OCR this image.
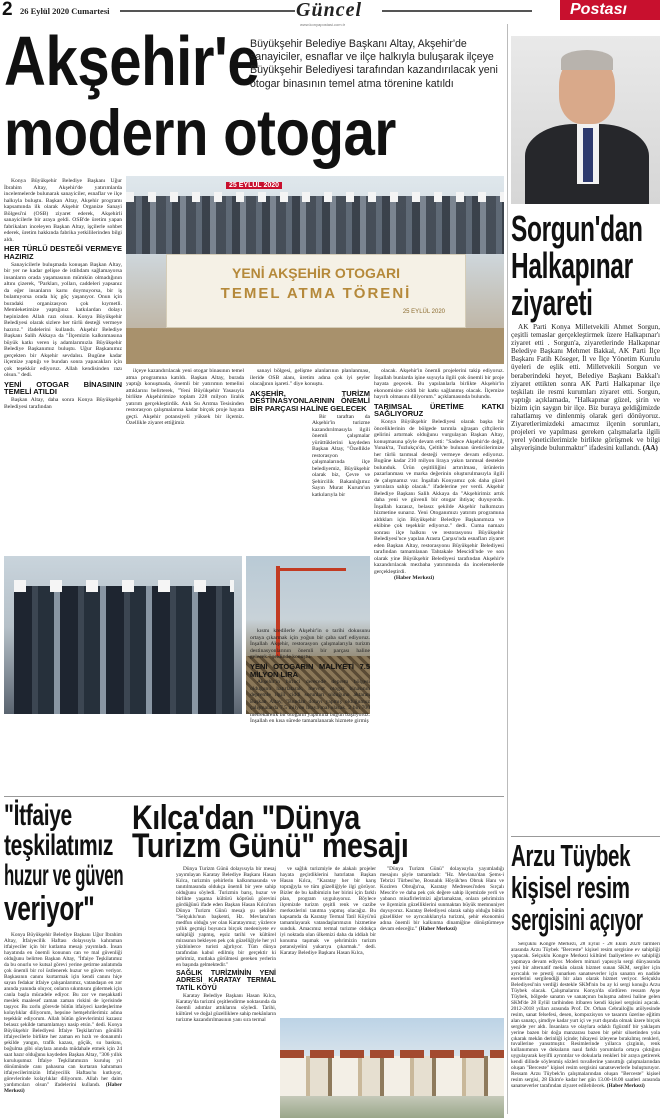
2 26 Eylül 2020 Cumartesi	Güncel	Postası
www.konyapostasi.com.tr
Akşehir'e
modern otogar
Büyükşehir Belediye Başkanı Altay, Akşehir'de sanayiciler, esnaflar ve ilçe halkıyla buluşarak ilçeye Büyükşehir Belediyesi tarafından kazandırılacak yeni otogar binasının temel atma törenine katıldı
YENİ AKŞEHİR OTOGARI
TEMEL ATMA TÖRENİ
25 EYLÜL 2020
25 EYLÜL 2020

Konya Büyükşehir Belediye Başkanı Uğur İbrahim Altay, Akşehir'de yatırımlarda incelemelerde bulunarak sanayiciler, esnaflar ve ilçe halkıyla buluştu. Başkan Altay, Akşehir programı kapsamında ilk olarak Akşehir Organize Sanayi Bölgesi'ni (OSB) ziyaret ederek, Akşehirli sanayicilerle bir araya geldi. OSB'de üretim yapan fabrikaları inceleyen Başkan Altay, işçilerle sohbet ederek, üretim hakkında fabrika yetkililerinden bilgi aldı.

HER TÜRLÜ DESTEĞİ VERMEYE HAZIRIZ

Sanayicilerle buluşmada konuşan Başkan Altay, bir yer ne kadar gelişse de istihdam sağlamayorsa insanların orada yaşamasının mümkün olmadığının altını çizerek, "Parkları, yolları, caddeleri yapsanız da eğer insanların karnı doymuyorsa, bir iş bulamıyorsa orada hiç göç yaşanıyor. Onun için buradaki organizasyon çok kıymetli. Memleketimize yaptığınız katkılardan dolayı hepinizden Allah razı olsun. Konya Büyükşehir Belediyesi olarak sizlere her türlü desteği vermeye hazırız." ifadelerini kullandı. Akşehir Belediye Başkanı Salih Akkaya da "İlçemizin kalkınmasına büyük katkı veren iş adamlarımızla Büyükşehir Belediye Başkanımız buluştu. Uğur Başkanımız gerçekten bir Akşehir sevdalısı. Bugüne kadar ilçemize yaptığı ve bundan sonra yapacakları için çok teşekkür ediyoruz. Allah kendisinden razı olsun." dedi.

YENİ OTOGAR BİNASININ TEMELİ ATILDI

Başkan Altay, daha sonra Konya Büyükşehir Belediyesi tarafından

ilçeye kazandırılacak yeni otogar binasının temel atma programına katıldı. Başkan Altay, burada yaptığı konuşmada, önemli bir yatırımın temelini attıklarını belirterek, "Yeni Büyükşehir Yasasıyla birlikte Akşehirimize toplam 228 milyon liralık yatırım gerçekleştirdik. Atık Su Arıtma Tesisinden restorasyon çalışmalarına kadar birçok proje hayata geçti. Akşehir potansiyeli yüksek bir ilçemiz. Özellikle ziyaret ettiğimiz

sanayi bölgesi, gelişme alanlarının planlanması, ileride OSB alanı, üretim adına çok iyi şeyler olacağının işareti." diye konuştu.

AKŞEHİR, TURİZM DESTİNASYONLARININ ÖNEMLİ BİR PARÇASI HALİNE GELECEK

Bir taraftan da Akşehir'in turizme kazandırılmasıyla ilgili önemli çalışmalar yürüttüklerini kaydeden Başkan Altay, "Özellikle restorasyon çalışmalarında ilçe belediyemiz, Büyükşehir olarak biz, Çevre ve Şehircilik Bakanlığımız Sayın Murat Kurum'un katkılarıyla bir

kısmı kredilerle Akşehir'in o tarihi dokusunu ortaya çıkarmak için yoğun bir çaba sarf ediyoruz. İnşallah Akşehir, restorasyon çalışmalarıyla turizm destinasyonlarının önemli bir parçası haline gelecek." şeklinde konuştu.

YENİ OTOGARIN MALİYETİ 7.5 MİLYON LİRA

Akşehir'in birinci derecede deprem bölgesi olduğunu hatırlatarak, mevcut otogar binasının depremle ilgili ciddi sorunları olduğunu aktaran Başkan Altay, "Bundan dolayı yapmış olduğumuz çalışmalarda 7.5 milyon liraya mal olacak, 2 bin 700 metrekarelik bir otogarın yapımına bugün başlıyoruz. İnşallah en kısa sürede tamamlanarak hizmete girmiş

olacak. Akşehir'in önemli projelerini takip ediyoruz. İnşallah bunlarda işine suyuyla ilgili çok önemli bir proje hayata geçecek. Bu yapılanlarla birlikte Akşehir'in ekonomisine ciddi bir katkı sağlanmış olacak. İlçemize hayırlı olmasını diliyorum." açıklamasında bulundu.

TARIMSAL ÜRETİME KATKI SAĞLIYORUZ

Konya Büyükşehir Belediyesi olarak başka bir önceliklerinin de bölgede tarımla uğraşan çiftçilerin gelirini artırmak olduğunu vurgulayan Başkan Altay, konuşmasına şöyle devam etti: "Sadece Akşehir'de değil, Yunak'ta, Tuzlukçu'da, Çeltik'te bulunan üreticilerimize her türlü tarımsal desteği vermeye devam ediyoruz. Bugüne kadar 210 milyon liraya yakın tarımsal destekte bulunduk. Ürün çeşitliliğini artırılması, ürünlerin pazarlanması ve marka değerinin oluşturulmasıyla ilgili de çalışmamız var. İnşallah Konyamız çok daha güzel yarınlara sahip olacak." ifadelerine yer verdi. Akşehir Belediye Başkanı Salih Akkaya da "Akşehirimiz artık daha yeni ve güvenli bir otogar ihtiyaç duyuyordu. İnşallah kazasız, belasız şekilde Akşehir halkımızın hizmetine sunarız. Yeni Otoganımızı yatırım programına aldıkları için Büyükşehir Belediye Başkanımıza ve ekibine çok teşekkür ediyoruz." dedi. Cuma namazı sonrası ilçe halkını ve restorasyonu Büyükşehir Belediyesi'nce yapılan Arasta Çarşısı'nda esnafları ziyaret eden Başkan Altay, restorasyonu Büyükşehir Belediyesi tarafından tamamlanan Tahtakale Mescidi'nde ve son olarak yine Büyükşehir Belediyesi tarafından Akşehir'e kazandırılacak mezbaha yatırımında da incelemelerde gerçekleştirdi.

(Haber Merkezi)
Sorgun'dan
Halkapınar
ziyareti

AK Parti Konya Milletvekili Ahmet Sorgun, çeşitli temaslar gerçekleştirmek üzere Halkapınar'ı ziyaret etti . Sorgun'a, ziyaretlerinde Halkapınar Belediye Başkanı Mehmet Bakkal, AK Parti İlçe Başkanı Fatih Köseger, İl ve İlçe Yönetim Kurulu üyeleri de eşlik etti. Milletvekili Sorgun ve beraberindeki heyet, Belediye Başkanı Bakkal'ı ziyaret ettikten sonra AK Parti Halkapınar ilçe teşkilatı ile resmi kurumları ziyaret etti. Sorgun, yaptığı açıklamada, "Halkapınar güzel, şirin ve bizim için saygın bir ilçe. Biz buraya geldiğimizde rahatlamış ve dinlenmiş olarak geri dönüyoruz. Ziyaretlerimizdeki amacımız ilçenin sorunları, projeleri ve yapılması gereken çalışmalarla ilgili yerel yöneticilerimizle birlikte görüşmek ve bilgi alışverişinde bulunmaktır" ifadesini kullandı. (AA)

Arzu Tüybek
kişisel resim
sergisini açıyor

Selçuklu Kongre Merkezi, 28 Eylül - 28 Ekim 2020 tarihleri arasında Arzu Tüybek "Berceste" kişisel resim sergisine ev sahipliği yapacak. Selçuklu Kongre Merkezi kültürel faaliyetlere ev sahipliği yapmaya devam ediyor. Modern mimari yapısıyla sergi dünyasında yeni bir alternatif mekân olarak hizmet sunan SKM, sergiler için ayrıcalık ve prestij sunarken sanatseverler için sanatın en nadide eserlerini sergilendiği bir alan olarak hizmet veriyor. Selçuklu Belediyesi'nin verdiği destekle SKM'nin bu ay ki sergi konuğu Arzu Tüybek olacak. Çalışmalarını Konya'da sürdüren ressam Ayşe Tüybek, bölgede sanatın ve sanatçının buluşma adresi haline gelen SKM'de 28 Eylül tarihinden itibaren kendi kişisel sergisini açacak. 2012-2018 yılları arasında Prof. Dr. Orhan Cebrailoğlu atölyesinde resim, sanat felsefesi, desen, kompozisyon ve tasarım üzerine eğitim alan sanatçı, şimdiye kadar yurt içi ve yurt dışında olmak üzere birçok sergide yer aldı. İnsanlara ve olaylara odaklı figüratif bir yaklaşım yerine bazen bir doğa manzarası bazen bir şehir siluetinden yola çıkarak mekân derinliği içinde; hikayesi izleyene bırakılmış renkleri, tuvallerine yansıtmıştır. Resimlerinde yıllarca çizginin, renk kullanımının ve dokuların nasıl farklı yorumlarla ortaya çıktığını uygulayarak keyifli ayrıntılar ve dokularla renkleri bir araya getirerek kendi dilinde söylenmiş sözleri tuvallerine yansıttığı çalışmalarından oluşan "Berceste" kişisel resim sergisini sanatseverlerle buluşturuyor. Ressam Arzu Tüybek'in çalışmalarından oluşan "Berceste" kişisel resim sergisi, 28 Ekim'e kadar her gün 13.00-18.00 saatleri arasında sanatseverler tarafından ziyaret edilebilecek. (Haber Merkezi)

"İtfaiye
teşkilatımız
huzur ve güven
veriyor"

Konya Büyükşehir Belediye Başkanı Uğur İbrahim Altay, İtfaiyecilik Haftası dolayısıyla kahraman itfaiyeciler için bir kutlama mesajı yayımladı. İnsan hayatında en önemli konunun can ve mal güvenliği olduğunu belirten Başkan Altay, "İtfaiye Teşkilatımız da bu onurlu ve kutsal görevi yerine getirme anlatımda çok önemli bir rol üstlenerek huzur ve güven veriyor. Başkasının canını kurtarmak için kendi canını hiçe sayan fedakar itfaiye çalışanlarımız, vatandaşın en zor anında yanında oluyor, onların sıkıntısını gidermek için canla başla mücadele ediyor. Bu zor ve meşakkatli meslek maalesef zaman zaman riskini de içerisinde taşıyor. Bu zorlu görevde bütün itfaiyeci kardeşlerime kolaylıklar diliyorum, hepsine hemşehrilerimiz adına teşekkür ediyorum. Allah bütün görevlerimizi kazasız belasız şekilde tamamlamayı nasip etsin." dedi. Konya Büyükşehir Belediyesi İtfaiye Teşkilatı'nın gönüllü itfaiyecilerle birlikte her zaman en hızlı ve donanımlı şekilde yangın, trafik kazası, göçük, su baskını, boğulma gibi olaylara anında müdahale etmek için 24 saat hazır olduğunu kaydeden Başkan Altay, "306 yıllık kuruluşumuz İtfaiye Teşkilatımızın kuruluş yıl dönümünde canı pahasına can kurtaran kahraman itfaiyecilerimizin İtfaiyecilik Haftası'nı kutluyor, görevlerinde kolaylıklar diliyorum. Allah her daim yardımcıları olsun" ifadelerini kullandı. (Haber Merkezi)

Kılca'dan "Dünya
Turizm Günü" mesajı

Dünya Turizm Günü dolayısıyla bir mesaj yayımlayan Karatay Belediye Başkanı Hasan Kılca, turizmin şehirlerin kalkınmasında ve tanıtılmasında oldukça önemli bir yere sahip olduğunu söyledi. Turizmin barış, huzur ve birlikte yaşama kültürü köprüsü görevini gördüğünü ifade eden Başkan Hasan Kılca'nın Dünya Turizm Günü mesajı şu şekilde: "Selçuklu'nun başkenti, Hz. Mevlana'nın medfun olduğu yer olan Karatayımız; yüzlerce yıllık geçmişi boyunca birçok medeniyete ev sahipliği yapmış, eşsiz tarihi ve kültürel mirasının bekleyen pek çok güzelliğiyle her yıl yüzbinlerce turisti ağırlıyor. Tüm dünya tarafından kabul edilmiş bir gerçektir ki şehrimiz, mutlaka görülmesi gereken yerlerin en başında gelmektedir."

SAĞLIK TURİZMİNİN YENİ ADRESİ KARATAY TERMAL TATİL KÖYÜ

Karatay Belediye Başkanı Hasan Kılca, Karatay'da turizmi çeşitlendirme noktasında da önemli adımlar attıklarını söyledi. Tarihi, kültürel ve doğal güzelliklere sahip mekânların turizme kazandırılmasının yanı sıra termal

ve sağlık turizmiyle de alakalı projeler hayata geçirdiklerini hatırlatan Başkan Hasan Kılca, "Karatay her bir karış toprağıyla ve tüm güzelliğiyle ilgi görüyor. Bizler de bu kalbimizin her birini için farklı plan, program uyguluyoruz. Böylece ilçemizde turizm çeşitli renk ve cazibe merkezlerini tanıtma yapmış olacağız. Bu kapsamda da Karatay Termal Tatil Köyü'nü tamamlayarak vatandaşlarımızın hizmetine sunduk. Amacımız termal turizme oldukça iyi noktada olan ülkemizi daha da iddialı bir konuma taşımak ve şehrimizin turizm potansiyelini yukarıya çıkarmak." dedi. Karatay Belediye Başkanı Hasan Kılca,

"Dünya Turizm Günü" dolayısıyla yayımladığı mesajını şöyle tamamladı: "Hz. Mevlana'dan Şems-i Tebrizi Türbesi'ne, Bosnalık Höyük'ten Obruk Hanı ve Koziren Obruğu'na, Karatay Medresesi'nden Sırçalı Mescit'e ve daha pek çok değere sahip ilçemizde yerli ve yabancı misafirlerimizi ağırlamaktan, onlara şehrimizin ve ilçemizin güzelliklerini sunmaktan büyük memnuniyet duyuyoruz. Karatay Belediyesi olarak sahip olduğu bütün güzellikler ve ayrıcalıklarıyla turizmi, şehir ekonomisi adına önemli bir kalkınma dinamiğine dönüştürmeye devam edeceğiz." (Haber Merkezi)
